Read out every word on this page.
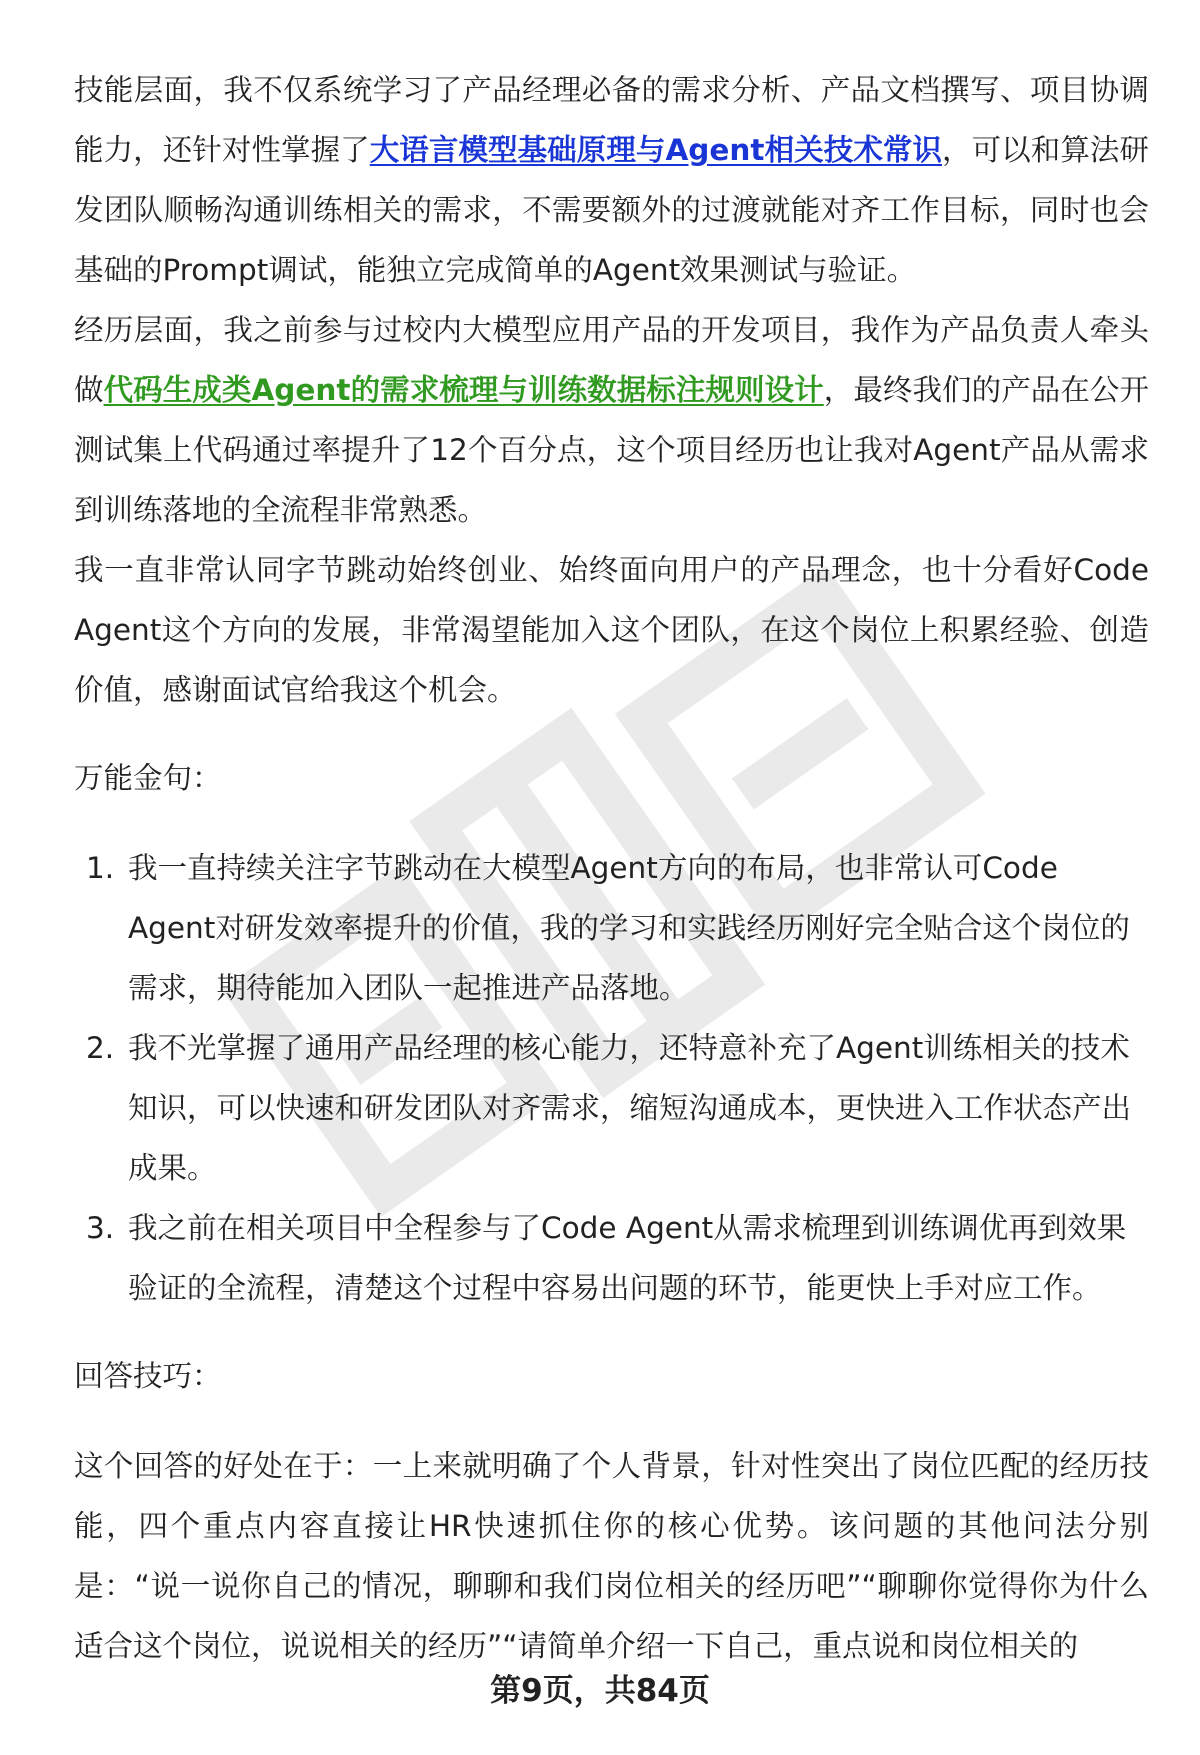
技能层面，我不仅系统学习了产品经理必备的需求分析、产品文档撰写、项目协调能力，还针对性掌握了大语言模型基础原理与Agent相关技术常识，可以和算法研发团队顺畅沟通训练相关的需求，不需要额外的过渡就能对齐工作目标，同时也会基础的Prompt调试，能独立完成简单的Agent效果测试与验证。

经历层面，我之前参与过校内大模型应用产品的开发项目，我作为产品负责人牵头做代码生成类Agent的需求梳理与训练数据标注规则设计，最终我们的产品在公开测试集上代码通过率提升了12个百分点，这个项目经历也让我对Agent产品从需求到训练落地的全流程非常熟悉。

我一直非常认同字节跳动始终创业、始终面向用户的产品理念，也十分看好Code Agent这个方向的发展，非常渴望能加入这个团队，在这个岗位上积累经验、创造价值，感谢面试官给我这个机会。

万能金句：

1. 我一直持续关注字节跳动在大模型Agent方向的布局，也非常认可Code Agent对研发效率提升的价值，我的学习和实践经历刚好完全贴合这个岗位的需求，期待能加入团队一起推进产品落地。
2. 我不光掌握了通用产品经理的核心能力，还特意补充了Agent训练相关的技术知识，可以快速和研发团队对齐需求，缩短沟通成本，更快进入工作状态产出成果。
3. 我之前在相关项目中全程参与了Code Agent从需求梳理到训练调优再到效果验证的全流程，清楚这个过程中容易出问题的环节，能更快上手对应工作。

回答技巧：

这个回答的好处在于：一上来就明确了个人背景，针对性突出了岗位匹配的经历技能，四个重点内容直接让HR快速抓住你的核心优势。该问题的其他问法分别是：“说一说你自己的情况，聊聊和我们岗位相关的经历吧”“聊聊你觉得你为什么适合这个岗位，说说相关的经历”“请简单介绍一下自己，重点说和岗位相关的

第9页，共84页
